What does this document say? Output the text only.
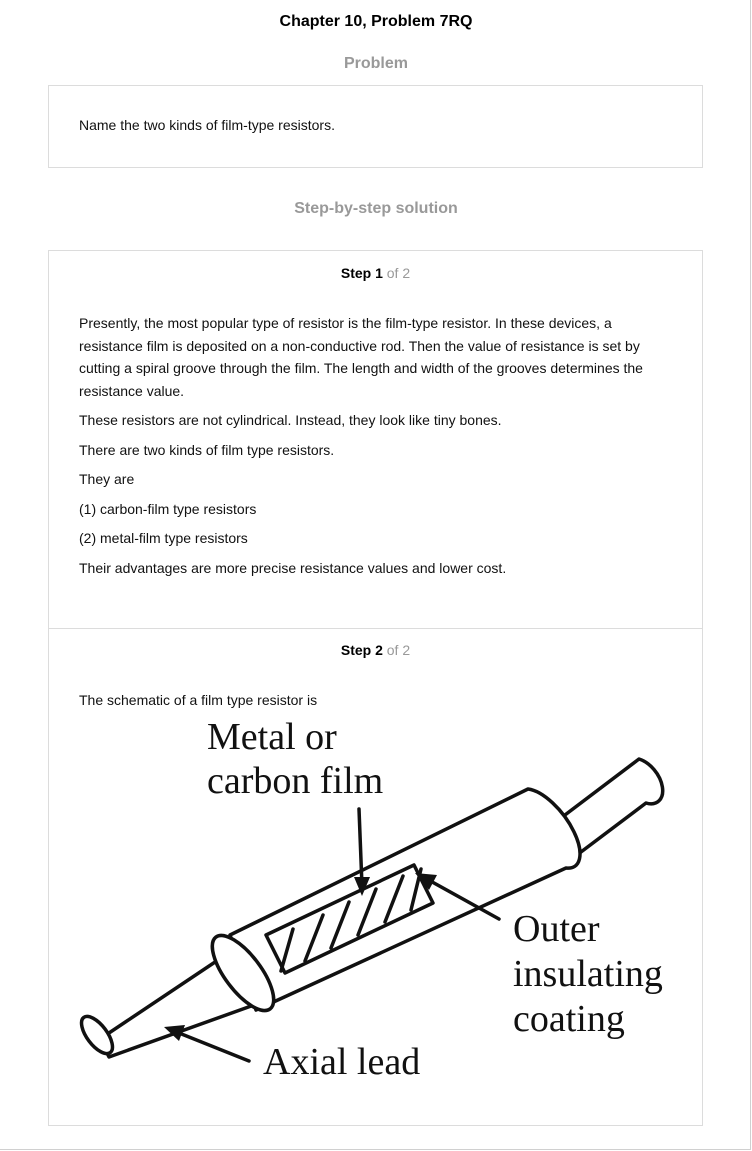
Chapter 10, Problem 7RQ
Problem
Name the two kinds of film-type resistors.
Step-by-step solution
Step 1 of 2

Presently, the most popular type of resistor is the film-type resistor. In these devices, a resistance film is deposited on a non-conductive rod. Then the value of resistance is set by cutting a spiral groove through the film. The length and width of the grooves determines the resistance value.

These resistors are not cylindrical. Instead, they look like tiny bones.

There are two kinds of film type resistors.

They are

(1) carbon-film type resistors

(2) metal-film type resistors

Their advantages are more precise resistance values and lower cost.

Step 2 of 2
The schematic of a film type resistor is
Metal or
carbon film
Outer
insulating
coating
Axial lead
